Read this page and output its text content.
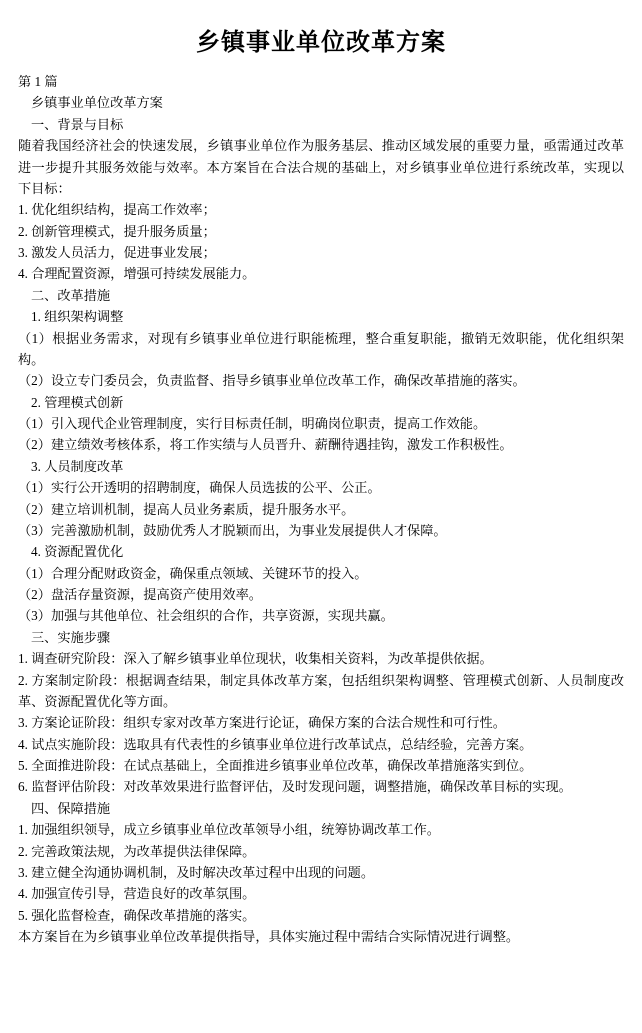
乡镇事业单位改革方案

第 1 篇

乡镇事业单位改革方案

一、背景与目标

随着我国经济社会的快速发展，乡镇事业单位作为服务基层、推动区域发展的重要力量，亟需通过改革进一步提升其服务效能与效率。本方案旨在合法合规的基础上，对乡镇事业单位进行系统改革，实现以下目标：

1. 优化组织结构，提高工作效率；

2. 创新管理模式，提升服务质量；

3. 激发人员活力，促进事业发展；

4. 合理配置资源，增强可持续发展能力。

二、改革措施

1. 组织架构调整

（1）根据业务需求，对现有乡镇事业单位进行职能梳理，整合重复职能，撤销无效职能，优化组织架构。

（2）设立专门委员会，负责监督、指导乡镇事业单位改革工作，确保改革措施的落实。

2. 管理模式创新

（1）引入现代企业管理制度，实行目标责任制，明确岗位职责，提高工作效能。

（2）建立绩效考核体系，将工作实绩与人员晋升、薪酬待遇挂钩，激发工作积极性。

3. 人员制度改革

（1）实行公开透明的招聘制度，确保人员选拔的公平、公正。

（2）建立培训机制，提高人员业务素质，提升服务水平。

（3）完善激励机制，鼓励优秀人才脱颖而出，为事业发展提供人才保障。

4. 资源配置优化

（1）合理分配财政资金，确保重点领域、关键环节的投入。

（2）盘活存量资源，提高资产使用效率。

（3）加强与其他单位、社会组织的合作，共享资源，实现共赢。

三、实施步骤

1. 调查研究阶段：深入了解乡镇事业单位现状，收集相关资料，为改革提供依据。

2. 方案制定阶段：根据调查结果，制定具体改革方案，包括组织架构调整、管理模式创新、人员制度改革、资源配置优化等方面。

3. 方案论证阶段：组织专家对改革方案进行论证，确保方案的合法合规性和可行性。

4. 试点实施阶段：选取具有代表性的乡镇事业单位进行改革试点，总结经验，完善方案。

5. 全面推进阶段：在试点基础上，全面推进乡镇事业单位改革，确保改革措施落实到位。

6. 监督评估阶段：对改革效果进行监督评估，及时发现问题，调整措施，确保改革目标的实现。

四、保障措施

1. 加强组织领导，成立乡镇事业单位改革领导小组，统筹协调改革工作。

2. 完善政策法规，为改革提供法律保障。

3. 建立健全沟通协调机制，及时解决改革过程中出现的问题。

4. 加强宣传引导，营造良好的改革氛围。

5. 强化监督检查，确保改革措施的落实。

本方案旨在为乡镇事业单位改革提供指导，具体实施过程中需结合实际情况进行调整。
